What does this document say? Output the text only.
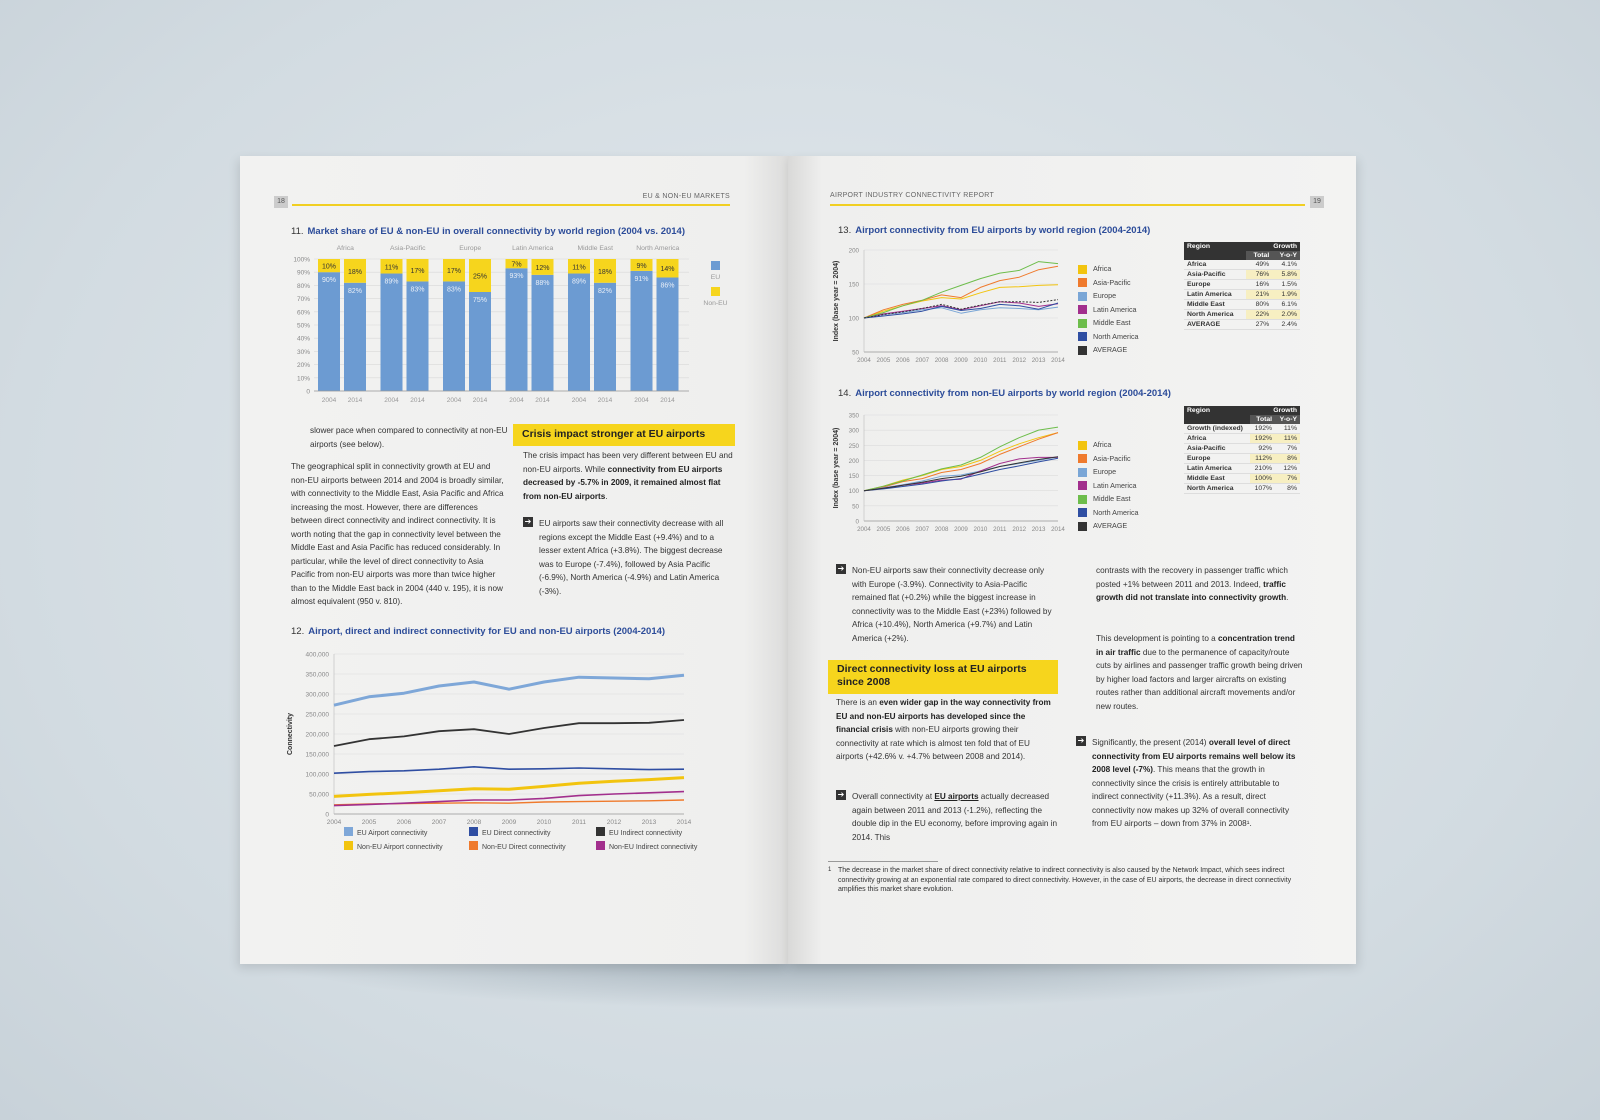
18
EU & NON-EU MARKETS
11. Market share of EU & non-EU in overall connectivity by world region (2004 vs. 2014)
0
10%
20%
30%
40%
50%
60%
70%
80%
90%
100%
Africa
10%
90%
2004
18%
82%
2014
Asia-Pacific
11%
89%
2004
17%
83%
2014
Europe
17%
83%
2004
25%
75%
2014
Latin America
7%
93%
2004
12%
88%
2014
Middle East
11%
89%
2004
18%
82%
2014
North America
9%
91%
2004
14%
86%
2014
EU
Non-EU
slower pace when compared to connectivity at non-EU airports (see below).
The geographical split in connectivity growth at EU and non-EU airports between 2014 and 2004 is broadly similar, with connectivity to the Middle East, Asia Pacific and Africa increasing the most. However, there are differences between direct connectivity and indirect connectivity. It is worth noting that the gap in connectivity level between the Middle East and Asia Pacific has reduced considerably. In particular, while the level of direct connectivity to Asia Pacific from non-EU airports was more than twice higher than to the Middle East back in 2004 (440 v. 195), it is now almost equivalent (950 v. 810).
Crisis impact stronger at EU airports
The crisis impact has been very different between EU and non-EU airports. While connectivity from EU airports decreased by -5.7% in 2009, it remained almost flat from non-EU airports.
➔ EU airports saw their connectivity decrease with all regions except the Middle East (+9.4%) and to a lesser extent Africa (+3.8%). The biggest decrease was to Europe (-7.4%), followed by Asia Pacific (-6.9%), North America (-4.9%) and Latin America (-3%).
12. Airport, direct and indirect connectivity for EU and non-EU airports (2004-2014)
0
50,000
100,000
150,000
200,000
250,000
300,000
350,000
400,000
2004	2005	2006	2007	2008	2009	2010	2011	2012	2013	2014
Connectivity
EU Airport connectivity	EU Direct connectivity	EU Indirect connectivity
Non-EU Airport connectivity	Non-EU Direct connectivity	Non-EU Indirect connectivity
AIRPORT INDUSTRY CONNECTIVITY REPORT
19
13. Airport connectivity from EU airports by world region (2004-2014)
50
100
150
200
2004 2005 2006 2007 2008 2009 2010 2011 2012 2013 2014
Index (base year = 2004)	Africa
Asia-Pacific
Europe
Latin America
Middle East
North America
AVERAGE
Region	Growth	
	Total	Y-o-Y
Africa	49%	4.1%
Asia-Pacific	76%	5.8%
Europe	16%	1.5%
Latin America	21%	1.9%
Middle East	80%	6.1%
North America	22%	2.0%
AVERAGE	27%	2.4%
14. Airport connectivity from non-EU airports by world region (2004-2014)
0
50
100
150
200
250
300
350
2004 2005 2006 2007 2008 2009 2010 2011 2012 2013 2014
Index (base year = 2004)	Africa
Asia-Pacific
Europe
Latin America
Middle East
North America
AVERAGE
Region	Growth	
	Total	Y-o-Y
Growth (indexed)	192%	11%
Africa	192%	11%
Asia-Pacific	92%	7%
Europe	112%	8%
Latin America	210%	12%
Middle East	100%	7%
North America	107%	8%
➔ Non-EU airports saw their connectivity decrease only with Europe (-3.9%). Connectivity to Asia-Pacific remained flat (+0.2%) while the biggest increase in connectivity was to the Middle East (+23%) followed by Africa (+10.4%), North America (+9.7%) and Latin America (+2%).
Direct connectivity loss at EU airports since 2008
There is an even wider gap in the way connectivity from EU and non-EU airports has developed since the financial crisis with non-EU airports growing their connectivity at rate which is almost ten fold that of EU airports (+42.6% v. +4.7% between 2008 and 2014).
➔ Overall connectivity at EU airports actually decreased again between 2011 and 2013 (-1.2%), reflecting the double dip in the EU economy, before improving again in 2014. This
contrasts with the recovery in passenger traffic which posted +1% between 2011 and 2013. Indeed, traffic growth did not translate into connectivity growth.
This development is pointing to a concentration trend in air traffic due to the permanence of capacity/route cuts by airlines and passenger traffic growth being driven by higher load factors and larger aircrafts on existing routes rather than additional aircraft movements and/or new routes.
➔ Significantly, the present (2014) overall level of direct connectivity from EU airports remains well below its 2008 level (-7%). This means that the growth in connectivity since the crisis is entirely attributable to indirect connectivity (+11.3%). As a result, direct connectivity now makes up 32% of overall connectivity from EU airports – down from 37% in 2008¹.
1 The decrease in the market share of direct connectivity relative to indirect connectivity is also caused by the Network Impact, which sees indirect connectivity growing at an exponential rate compared to direct connectivity. However, in the case of EU airports, the decrease in direct connectivity amplifies this market share evolution.
